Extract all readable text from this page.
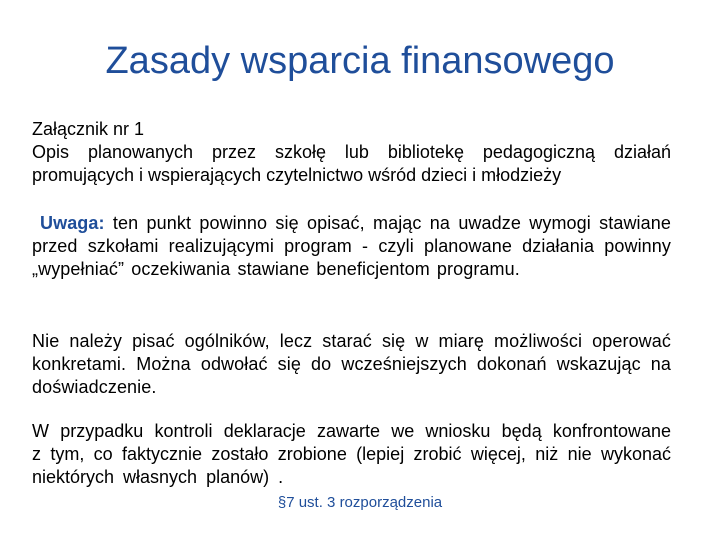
Zasady wsparcia finansowego
Załącznik nr 1
Opis planowanych przez szkołę lub bibliotekę pedagogiczną działań promujących i wspierających czytelnictwo wśród dzieci i młodzieży
Uwaga: ten punkt powinno się opisać, mając na uwadze wymogi stawiane przed szkołami realizującymi program - czyli planowane działania powinny „wypełniać” oczekiwania stawiane beneficjentom programu.
Nie należy pisać ogólników, lecz starać się w miarę możliwości operować konkretami. Można odwołać się do wcześniejszych dokonań wskazując na doświadczenie.
W przypadku kontroli deklaracje zawarte we wniosku będą konfrontowane z tym, co faktycznie zostało zrobione (lepiej zrobić więcej, niż nie wykonać niektórych własnych planów) .
§7 ust. 3 rozporządzenia
